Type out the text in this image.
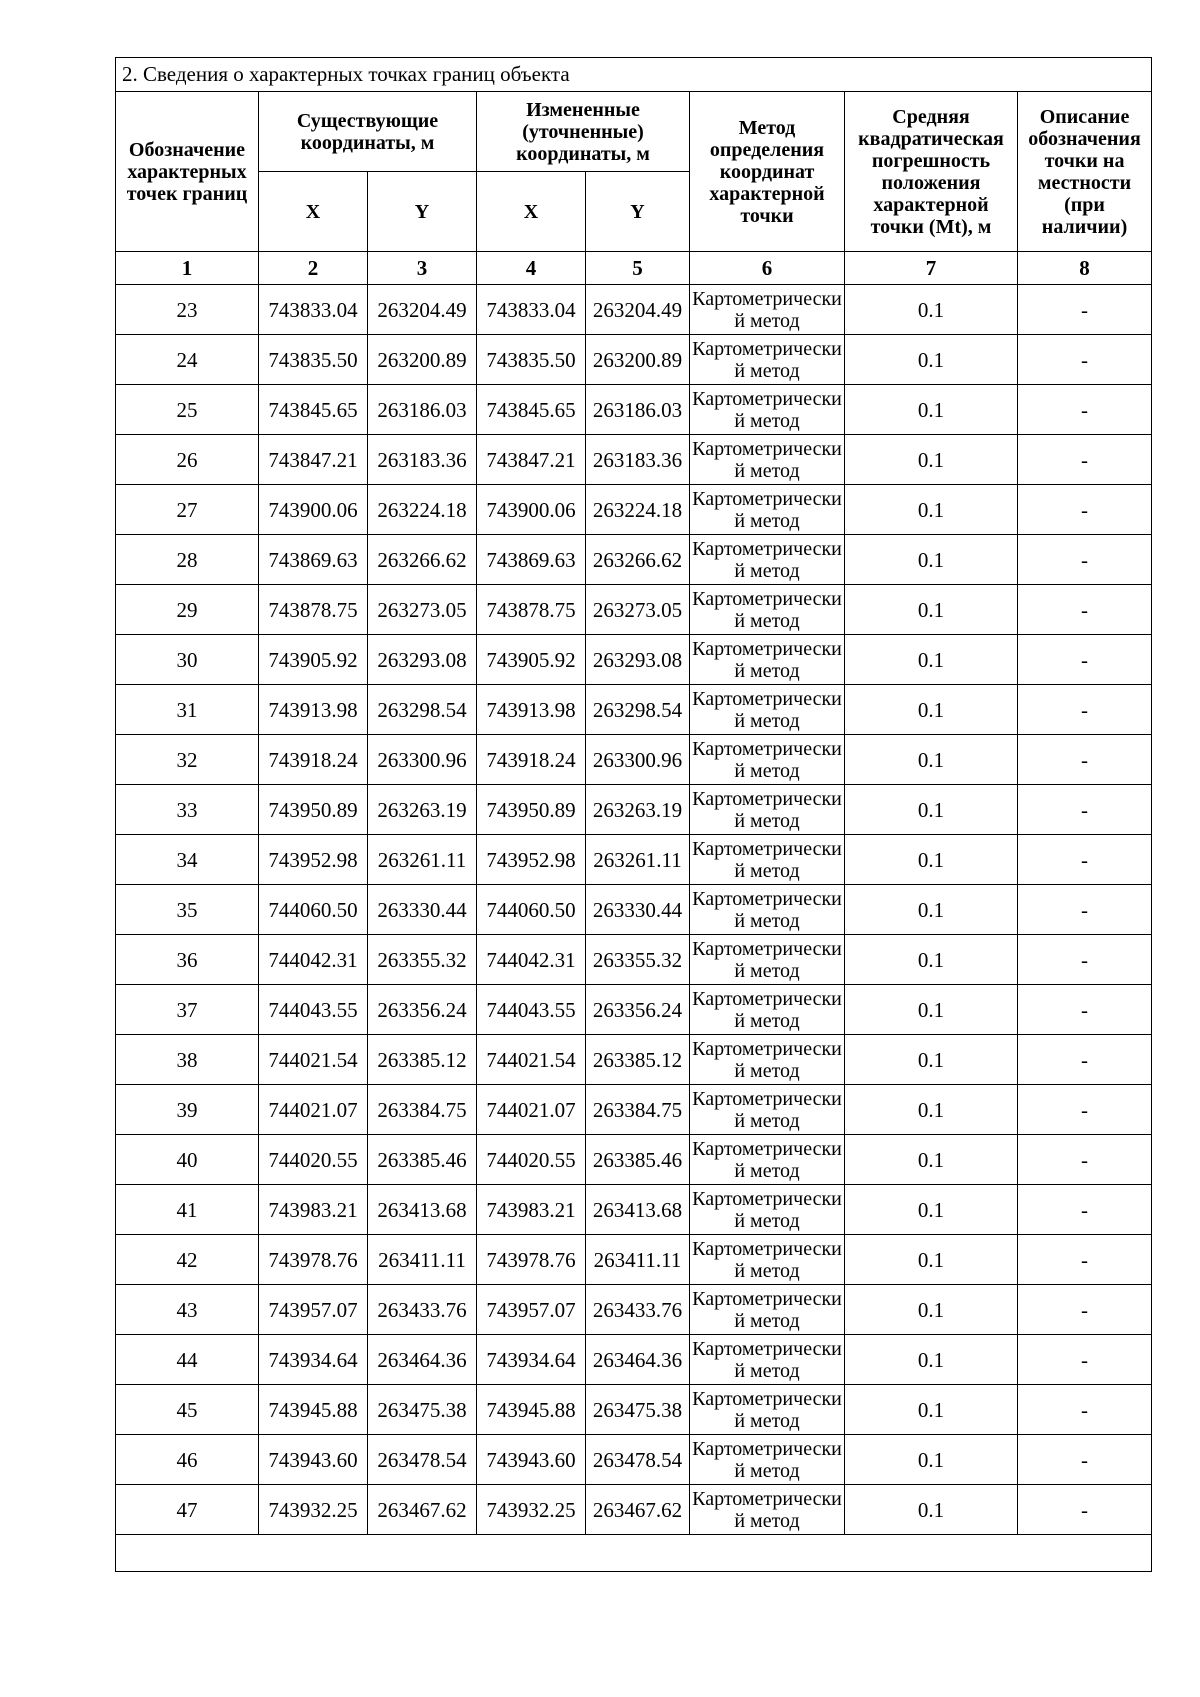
2. Сведения о характерных точках границ объекта							
Обозначение характерных точек границ	Существующие координаты, м		Измененные (уточненные) координаты, м		Метод определения координат характерной точки	Средняя квадратическая погрешность положения характерной точки (Mt), м	Описание обозначения точки на местности (при наличии)
	X	Y	X	Y			
1	2	3	4	5	6	7	8
23	743833.04	263204.49	743833.04	263204.49	Картометрический метод	0.1	-
24	743835.50	263200.89	743835.50	263200.89	Картометрический метод	0.1	-
25	743845.65	263186.03	743845.65	263186.03	Картометрический метод	0.1	-
26	743847.21	263183.36	743847.21	263183.36	Картометрический метод	0.1	-
27	743900.06	263224.18	743900.06	263224.18	Картометрический метод	0.1	-
28	743869.63	263266.62	743869.63	263266.62	Картометрический метод	0.1	-
29	743878.75	263273.05	743878.75	263273.05	Картометрический метод	0.1	-
30	743905.92	263293.08	743905.92	263293.08	Картометрический метод	0.1	-
31	743913.98	263298.54	743913.98	263298.54	Картометрический метод	0.1	-
32	743918.24	263300.96	743918.24	263300.96	Картометрический метод	0.1	-
33	743950.89	263263.19	743950.89	263263.19	Картометрический метод	0.1	-
34	743952.98	263261.11	743952.98	263261.11	Картометрический метод	0.1	-
35	744060.50	263330.44	744060.50	263330.44	Картометрический метод	0.1	-
36	744042.31	263355.32	744042.31	263355.32	Картометрический метод	0.1	-
37	744043.55	263356.24	744043.55	263356.24	Картометрический метод	0.1	-
38	744021.54	263385.12	744021.54	263385.12	Картометрический метод	0.1	-
39	744021.07	263384.75	744021.07	263384.75	Картометрический метод	0.1	-
40	744020.55	263385.46	744020.55	263385.46	Картометрический метод	0.1	-
41	743983.21	263413.68	743983.21	263413.68	Картометрический метод	0.1	-
42	743978.76	263411.11	743978.76	263411.11	Картометрический метод	0.1	-
43	743957.07	263433.76	743957.07	263433.76	Картометрический метод	0.1	-
44	743934.64	263464.36	743934.64	263464.36	Картометрический метод	0.1	-
45	743945.88	263475.38	743945.88	263475.38	Картометрический метод	0.1	-
46	743943.60	263478.54	743943.60	263478.54	Картометрический метод	0.1	-
47	743932.25	263467.62	743932.25	263467.62	Картометрический метод	0.1	-
